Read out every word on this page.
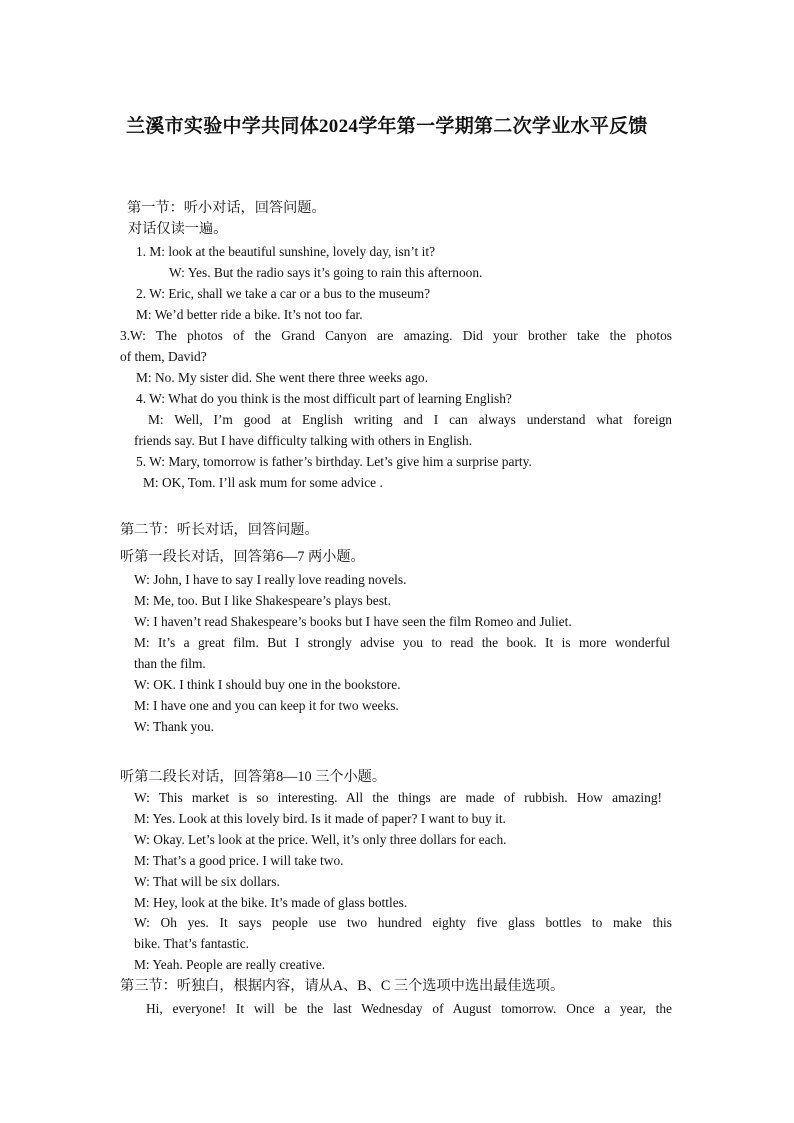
兰溪市实验中学共同体2024学年第一学期第二次学业水平反馈
第一节：听小对话，回答问题。
对话仅读一遍。
1. M: look at the beautiful sunshine, lovely day, isn’t it?
W: Yes. But the radio says it’s going to rain this afternoon.
2. W: Eric, shall we take a car or a bus to the museum?
M: We’d better ride a bike. It’s not too far.
3.W: The photos of the Grand Canyon are amazing. Did your brother take the photos
of them, David?
M: No. My sister did. She went there three weeks ago.
4. W: What do you think is the most difficult part of learning English?
M: Well, I’m good at English writing and I can always understand what foreign
friends say. But I have difficulty talking with others in English.
5. W: Mary, tomorrow is father’s birthday. Let’s give him a surprise party.
M: OK, Tom. I’ll ask mum for some advice .
第二节：听长对话，回答问题。
听第一段长对话，回答第6—7 两小题。
W: John, I have to say I really love reading novels.
M: Me, too. But I like Shakespeare’s plays best.
W: I haven’t read Shakespeare’s books but I have seen the film Romeo and Juliet.
M: It’s a great film. But I strongly advise you to read the book. It is more wonderful
than the film.
W: OK. I think I should buy one in the bookstore.
M: I have one and you can keep it for two weeks.
W: Thank you.
听第二段长对话，回答第8—10 三个小题。
W: This market is so interesting. All the things are made of rubbish. How amazing!
M: Yes. Look at this lovely bird. Is it made of paper? I want to buy it.
W: Okay. Let’s look at the price. Well, it’s only three dollars for each.
M: That’s a good price. I will take two.
W: That will be six dollars.
M: Hey, look at the bike. It’s made of glass bottles.
W: Oh yes. It says people use two hundred eighty five glass bottles to make this
bike. That’s fantastic.
M: Yeah. People are really creative.
第三节：听独白，根据内容，请从A、B、C 三个选项中选出最佳选项。
Hi, everyone! It will be the last Wednesday of August tomorrow. Once a year, the
